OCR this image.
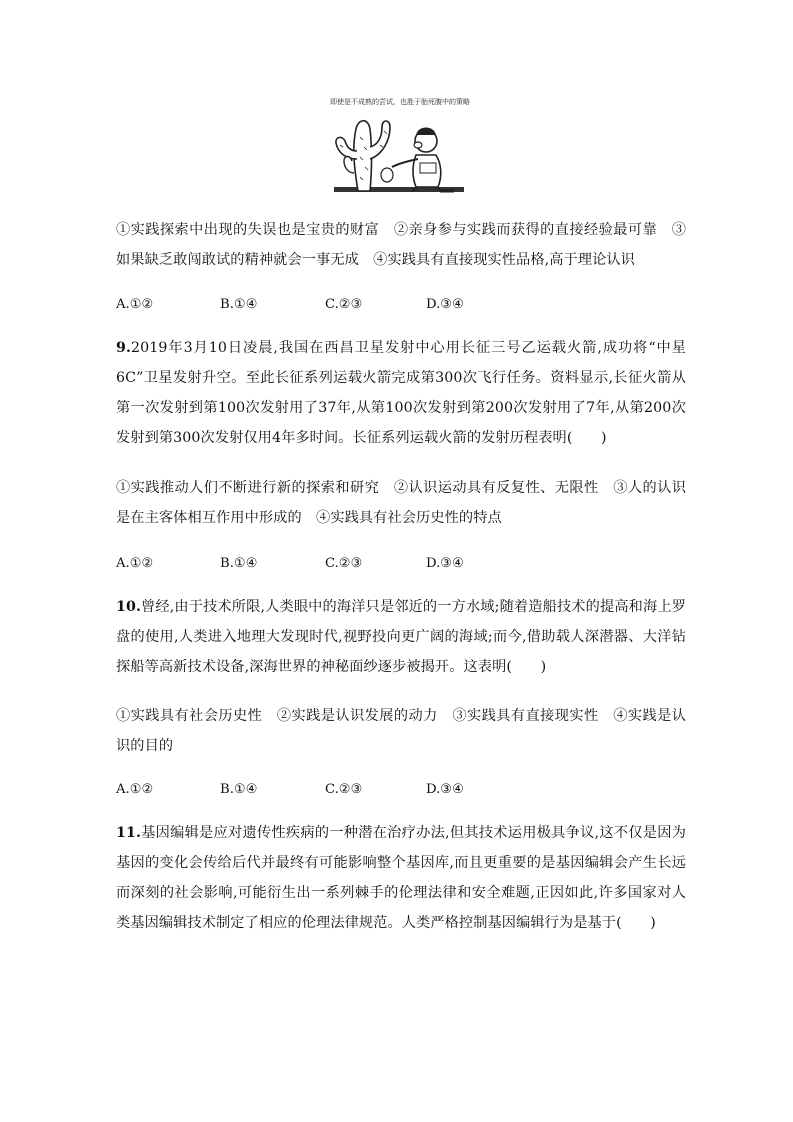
即使是不成熟的尝试，也胜于胎死腹中的策略
①实践探索中出现的失误也是宝贵的财富　②亲身参与实践而获得的直接经验最可靠　③如果缺乏敢闯敢试的精神就会一事无成　④实践具有直接现实性品格,高于理论认识
A.①②	B.①④	C.②③	D.③④
9.2019年3月10日凌晨,我国在西昌卫星发射中心用长征三号乙运载火箭,成功将“中星6C”卫星发射升空。至此长征系列运载火箭完成第300次飞行任务。资料显示,长征火箭从第一次发射到第100次发射用了37年,从第100次发射到第200次发射用了7年,从第200次发射到第300次发射仅用4年多时间。长征系列运载火箭的发射历程表明(　　)
①实践推动人们不断进行新的探索和研究　②认识运动具有反复性、无限性　③人的认识是在主客体相互作用中形成的　④实践具有社会历史性的特点
A.①②	B.①④	C.②③	D.③④
10.曾经,由于技术所限,人类眼中的海洋只是邻近的一方水域;随着造船技术的提高和海上罗盘的使用,人类进入地理大发现时代,视野投向更广阔的海域;而今,借助载人深潜器、大洋钻探船等高新技术设备,深海世界的神秘面纱逐步被揭开。这表明(　　)
①实践具有社会历史性　②实践是认识发展的动力　③实践具有直接现实性　④实践是认识的目的
A.①②	B.①④	C.②③	D.③④
11.基因编辑是应对遗传性疾病的一种潜在治疗办法,但其技术运用极具争议,这不仅是因为基因的变化会传给后代并最终有可能影响整个基因库,而且更重要的是基因编辑会产生长远而深刻的社会影响,可能衍生出一系列棘手的伦理法律和安全难题,正因如此,许多国家对人类基因编辑技术制定了相应的伦理法律规范。人类严格控制基因编辑行为是基于(　　)
